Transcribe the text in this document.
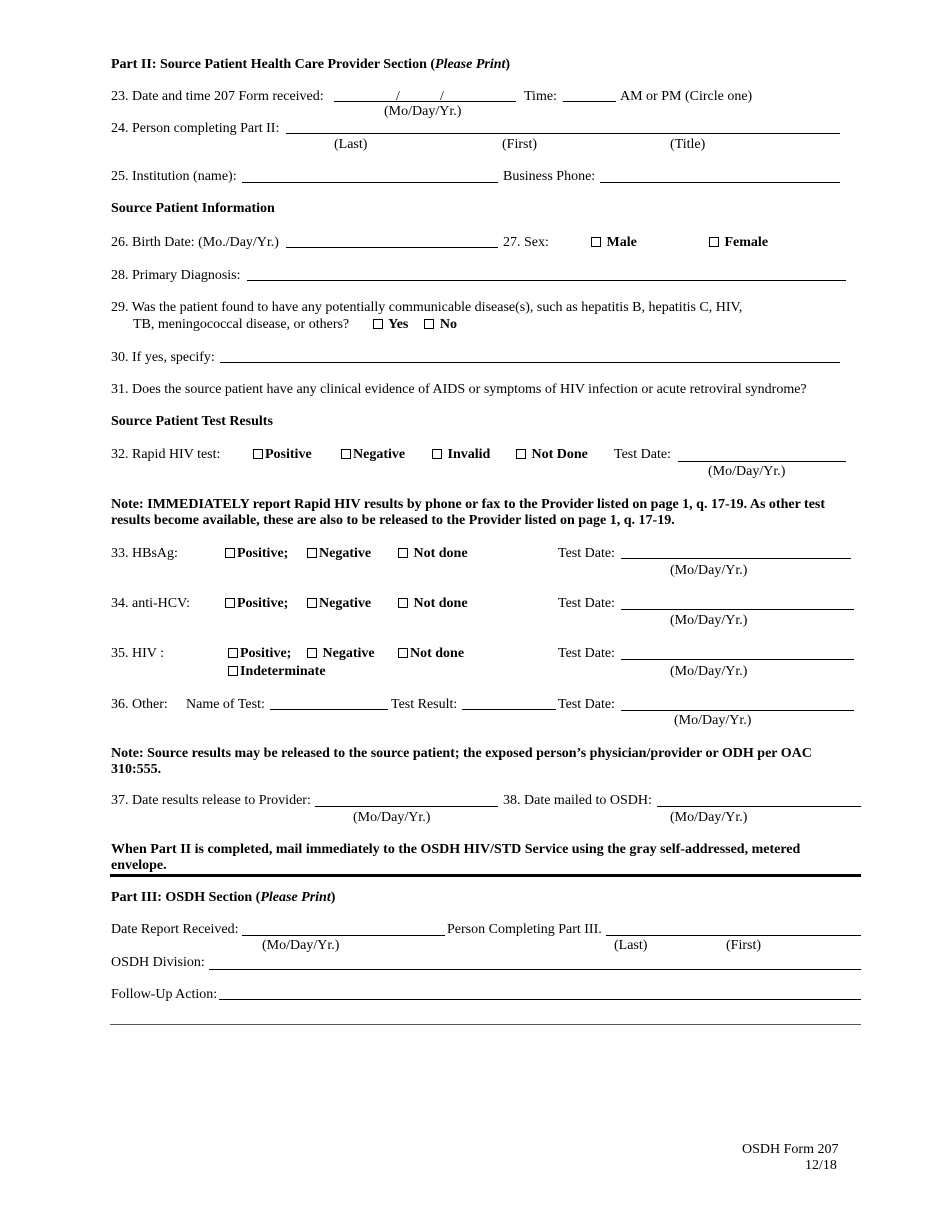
Part II: Source Patient Health Care Provider Section (Please Print)
23. Date and time 207 Form received:	/	/	Time:	AM or PM (Circle one)
(Mo/Day/Yr.)
24. Person completing Part II:
(Last)	(First)	(Title)
25. Institution (name):	Business Phone:
Source Patient Information
26. Birth Date: (Mo./Day/Yr.)	27. Sex:	Male	Female
28. Primary Diagnosis:
29. Was the patient found to have any potentially communicable disease(s), such as hepatitis B, hepatitis C, HIV,
TB, meningococcal disease, or others?	Yes No
30. If yes, specify:
31. Does the source patient have any clinical evidence of AIDS or symptoms of HIV infection or acute retroviral syndrome?
Source Patient Test Results
32. Rapid HIV test:	Positive	Negative	Invalid	Not Done Test Date:
(Mo/Day/Yr.)
Note: IMMEDIATELY report Rapid HIV results by phone or fax to the Provider listed on page 1, q. 17-19. As other test
results become available, these are also to be released to the Provider listed on page 1, q. 17-19.
33. HBsAg:	Positive;	Negative	Not done	Test Date:
(Mo/Day/Yr.)
34. anti-HCV:	Positive;	Negative	Not done	Test Date:
(Mo/Day/Yr.)
35. HIV :	Positive;	Negative	Not done
Indeterminate
Test Date:
(Mo/Day/Yr.)
36. Other: Name of Test:	Test Result:	Test Date:
(Mo/Day/Yr.)
Note: Source results may be released to the source patient; the exposed person’s physician/provider or ODH per OAC
310:555.
37. Date results release to Provider:
(Mo/Day/Yr.)
38. Date mailed to OSDH:
(Mo/Day/Yr.)
When Part II is completed, mail immediately to the OSDH HIV/STD Service using the gray self-addressed, metered
envelope.
Part III: OSDH Section (Please Print)
Date Report Received:
(Mo/Day/Yr.)
Person Completing Part III.
(Last)	(First)
OSDH Division:
Follow-Up Action:
OSDH Form 207
12/18
